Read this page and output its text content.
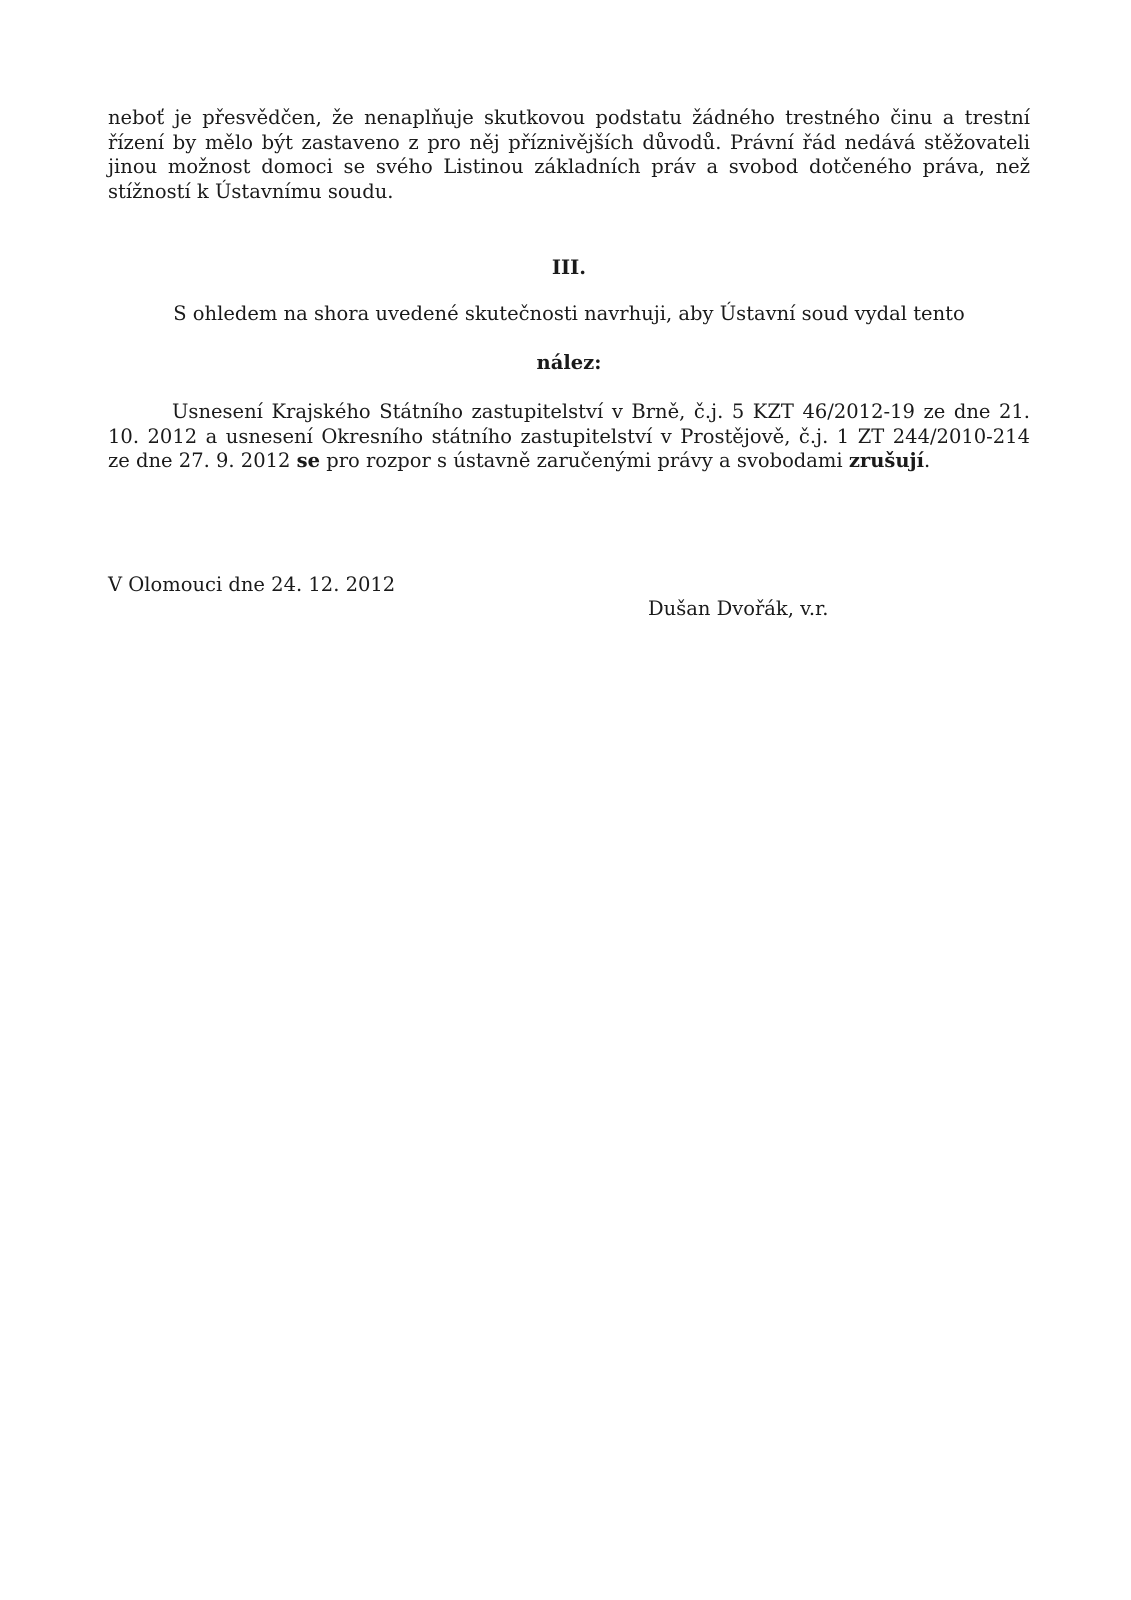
neboť je přesvědčen, že nenaplňuje skutkovou podstatu žádného trestného činu a trestní řízení by mělo být zastaveno z pro něj příznivějších důvodů. Právní řád nedává stěžovateli jinou možnost domoci se svého Listinou základních práv a svobod dotčeného práva, než stížností k Ústavnímu soudu.

III.

S ohledem na shora uvedené skutečnosti navrhuji, aby Ústavní soud vydal tento

nález:

Usnesení Krajského Státního zastupitelství v Brně, č.j. 5 KZT 46/2012-19 ze dne 21. 10. 2012 a usnesení Okresního státního zastupitelství v Prostějově, č.j. 1 ZT 244/2010-214 ze dne 27. 9. 2012 se pro rozpor s ústavně zaručenými právy a svobodami zrušují.

V Olomouci dne 24. 12. 2012

Dušan Dvořák, v.r.
